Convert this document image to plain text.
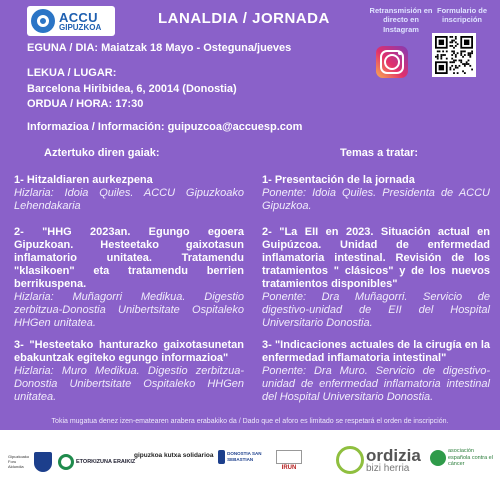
ACCU
GIPUZKOA	LANALDIA / JORNADA	Retransmisión en directo en Instagram
Formulario de inscripción
EGUNA / DIA: Maiatzak 18 Mayo - Osteguna/jueves
LEKUA / LUGAR:
Barcelona Hiribidea, 6, 20014 (Donostia)
ORDUA / HORA: 17:30
Informazioa / Información: guipuzcoa@accuesp.com
Aztertuko diren gaiak:	Temas a tratar:
1- Hitzaldiaren aurkezpena
Hizlaria: Idoia Quiles. ACCU Gipuzkoako Lehendakaria
2- "HHG 2023an. Egungo egoera Gipuzkoan. Hesteetako gaixotasun inflamatorio unitatea. Tratamendu "klasikoen" eta tratamendu berrien berrikuspena.
Hizlaria: Muñagorri Medikua. Digestio zerbitzua-Donostia Unibertsitate Ospitaleko HHGen unitatea.
3- "Hesteetako hanturazko gaixotasunetan ebakuntzak egiteko egungo informazioa"
Hizlaria: Muro Medikua. Digestio zerbitzua-Donostia Unibertsitate Ospitaleko HHGen unitatea.
1- Presentación de la jornada
Ponente: Idoia Quiles. Presidenta de ACCU Gipuzkoa.
2- "La EII en 2023. Situación actual en Guipúzcoa. Unidad de enfermedad inflamatoria intestinal. Revisión de los tratamientos " clásicos" y de los nuevos tratamientos disponibles"
Ponente: Dra Muñagorri. Servicio de digestivo-unidad de EII del Hospital Universitario Donostia.
3- "Indicaciones actuales de la cirugía en la enfermedad inflamatoria intestinal"
Ponente: Dra Muro. Servicio de digestivo-unidad de enfermedad inflamatoria intestinal del Hospital Universitario Donostia.
Tokia mugatua denez izen-ematearen arabera erabakiko da / Dado que el aforo es limitado se respetará el orden de inscripción.
Gipuzkoako Foru Aldundia
ETORKIZUNA ERAIKIZ
gipuzkoa kutxa solidarioa	DONOSTIA SAN SEBASTIAN
IRUN
ordizia
bizi herria
asociación española contra el cáncer
